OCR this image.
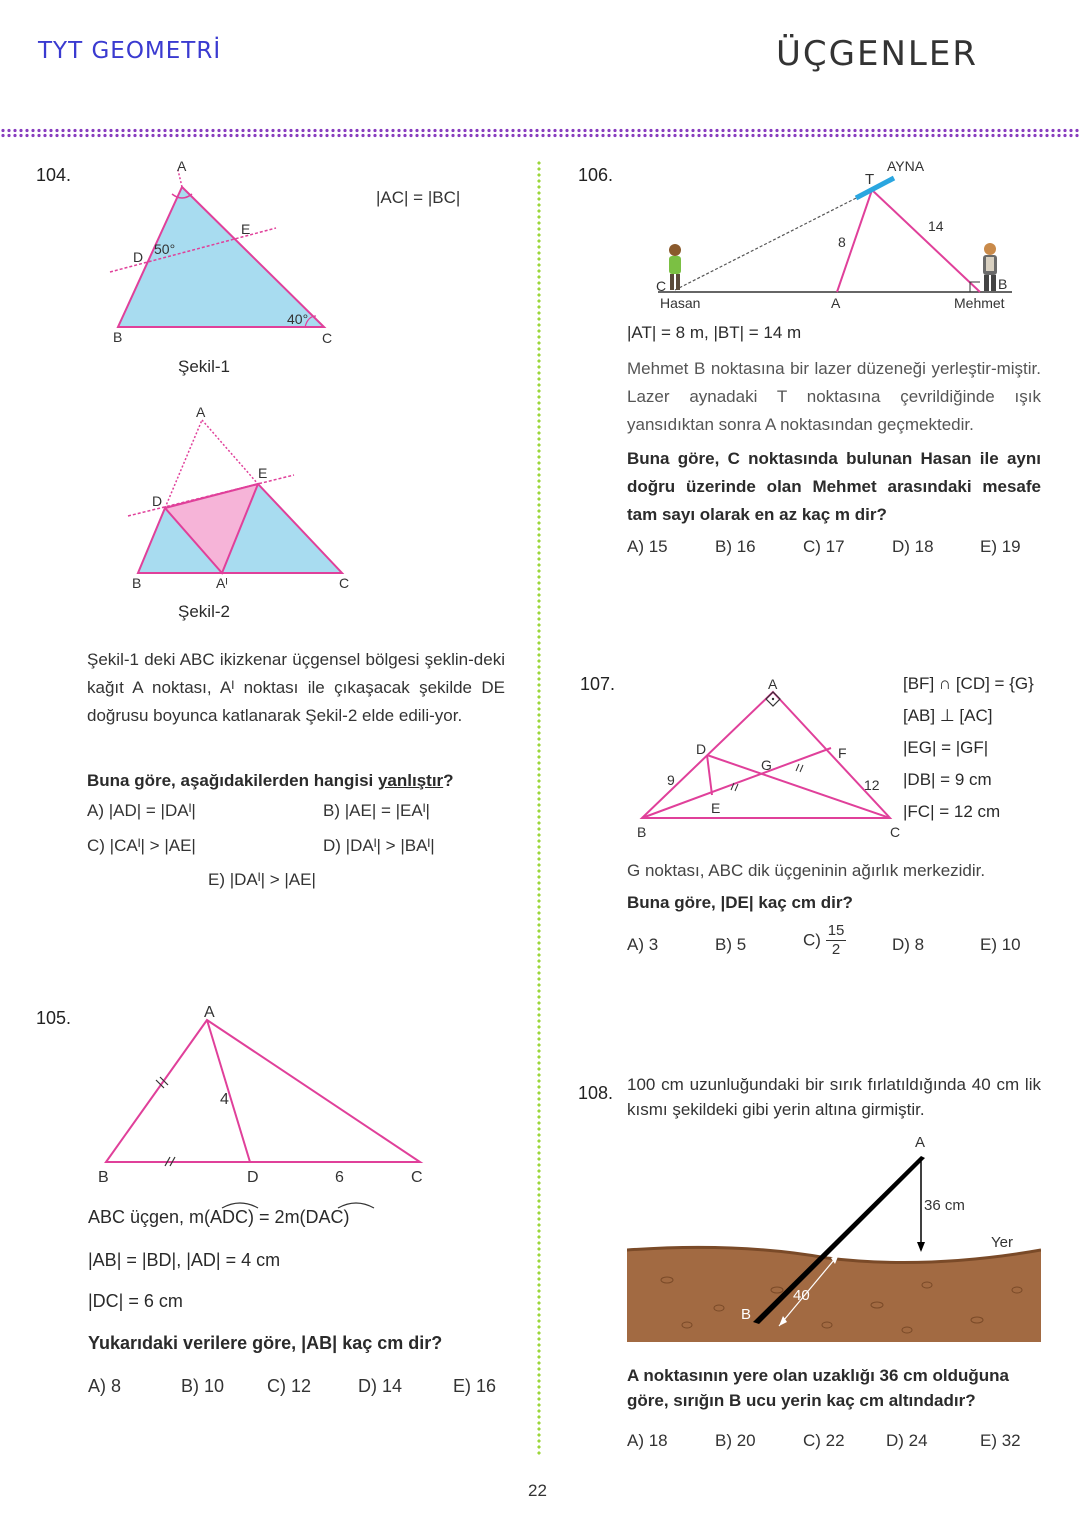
TYT GEOMETRİ	ÜÇGENLER
104.
|AC| = |BC|
A
B	C
D
E
50°
40°
Şekil-1
A
B	C
D
E
Aᴵ
Şekil-2
Şekil-1 deki ABC ikizkenar üçgensel bölgesi şeklin-deki kağıt A noktası, Aᴵ noktası ile çıkaşacak şekilde DE doğrusu boyunca katlanarak Şekil-2 elde edili-yor.
Buna göre, aşağıdakilerden hangisi yanlıştır?
A) |AD| = |DAᴵ|	B) |AE| = |EAᴵ|
C) |CAᴵ| > |AE|	D) |DAᴵ| > |BAᴵ|
E) |DAᴵ| > |AE|
105.	A
B	C
D
4
6
ABC üçgen, m(ADC) = 2m(DAC)
|AB| = |BD|, |AD| = 4 cm
|DC| = 6 cm
Yukarıdaki verilere göre, |AB| kaç cm dir?
A) 8	B) 10 C) 12	D) 14	E) 16
106.	AYNA
T
C
A
B
Hasan	Mehmet
8
14
|AT| = 8 m, |BT| = 14 m
Mehmet B noktasına bir lazer düzeneği yerleştir-miştir. Lazer aynadaki T noktasına çevrildiğinde ışık yansıdıktan sonra A noktasından geçmektedir.
Buna göre, C noktasında bulunan Hasan ile aynı doğru üzerinde olan Mehmet arasındaki mesafe tam sayı olarak en az kaç m dir?
A) 15	B) 16	C) 17	D) 18	E) 19
107.	A
B	C
D
E
F
G
9	12
[BF] ∩ [CD] = {G}
[AB] ⊥ [AC]
|EG| = |GF|
|DB| = 9 cm
|FC| = 12 cm
G noktası, ABC dik üçgeninin ağırlık merkezidir.
Buna göre, |DE| kaç cm dir?
A) 3	B) 5	$C) \frac{15}{2}$	D) 8	E) 10
108. 100 cm uzunluğundaki bir sırık fırlatıldığında 40 cm lik kısmı şekildeki gibi yerin altına girmiştir.
A
B
36 cm
Yer
40
A noktasının yere olan uzaklığı 36 cm olduğuna göre, sırığın B ucu yerin kaç cm altındadır?
A) 18	B) 20	C) 22 D) 24	E) 32
22
